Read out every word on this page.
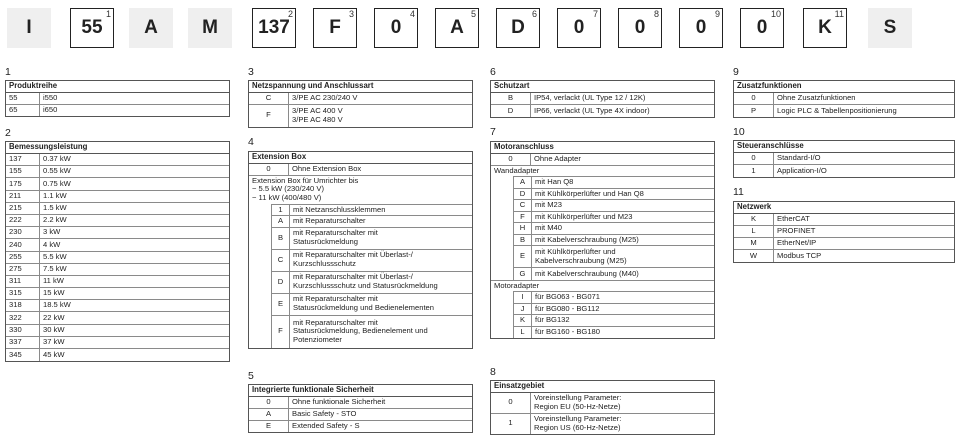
I	55
1
A M 137
2
F
3
0
4
A
5
D
6
0
7
0
8
0
9
0
10
K
11
S
1
Produktreihe
55	i550
65	i650
2
Bemessungsleistung
137	0.37 kW
155	0.55 kW
175	0.75 kW
211	1.1 kW
215	1.5 kW
222	2.2 kW
230	3 kW
240	4 kW
255	5.5 kW
275	7.5 kW
311	11 kW
315	15 kW
318	18.5 kW
322	22 kW
330	30 kW
337	37 kW
345	45 kW
3
Netzspannung und Anschlussart
C	3/PE AC 230/240 V
F	3/PE AC 400 V
3/PE AC 480 V
4
Extension Box
0	Ohne Extension Box
Extension Box für Umrichter bis
− 5.5 kW (230/240 V)
− 11 kW (400/480 V)
1	mit Netzanschlussklemmen
A	mit Reparaturschalter
B	mit Reparaturschalter mit
Statusrückmeldung
C	mit Reparaturschalter mit Überlast-/
Kurzschlussschutz
D	mit Reparaturschalter mit Überlast-/
Kurzschlussschutz und Statusrückmeldung
E	mit Reparaturschalter mit
Statusrückmeldung und Bedienelementen
F
mit Reparaturschalter mit
Statusrückmeldung, Bedienelement und
Potenziometer
5
Integrierte funktionale Sicherheit
0	Ohne funktionale Sicherheit
A	Basic Safety - STO
E	Extended Safety - S
6
Schutzart
B	IP54, verlackt (UL Type 12 / 12K)
D	IP66, verlackt (UL Type 4X indoor)
7
Motoranschluss
0	Ohne Adapter
Wandadapter
A	mit Han Q8
D	mit Kühlkörperlüfter und Han Q8
C	mit M23
F	mit Kühlkörperlüfter und M23
H	mit M40
B	mit Kabelverschraubung (M25)
E	mit Kühlkörperlüfter und
Kabelverschraubung (M25)
G	mit Kabelverschraubung (M40)
Motoradapter
I	für BG063 - BG071
J	für BG080 - BG112
K	für BG132
L	für BG160 - BG180
8
Einsatzgebiet
0	Voreinstellung Parameter:
Region EU (50-Hz-Netze)
1	Voreinstellung Parameter:
Region US (60-Hz-Netze)
9
Zusatzfunktionen
0	Ohne Zusatzfunktionen
P	Logic PLC & Tabellenpositionierung
10
Steueranschlüsse
0	Standard-I/O
1	Application-I/O
11
Netzwerk
K	EtherCAT
L	PROFINET
M	EtherNet/IP
W	Modbus TCP
